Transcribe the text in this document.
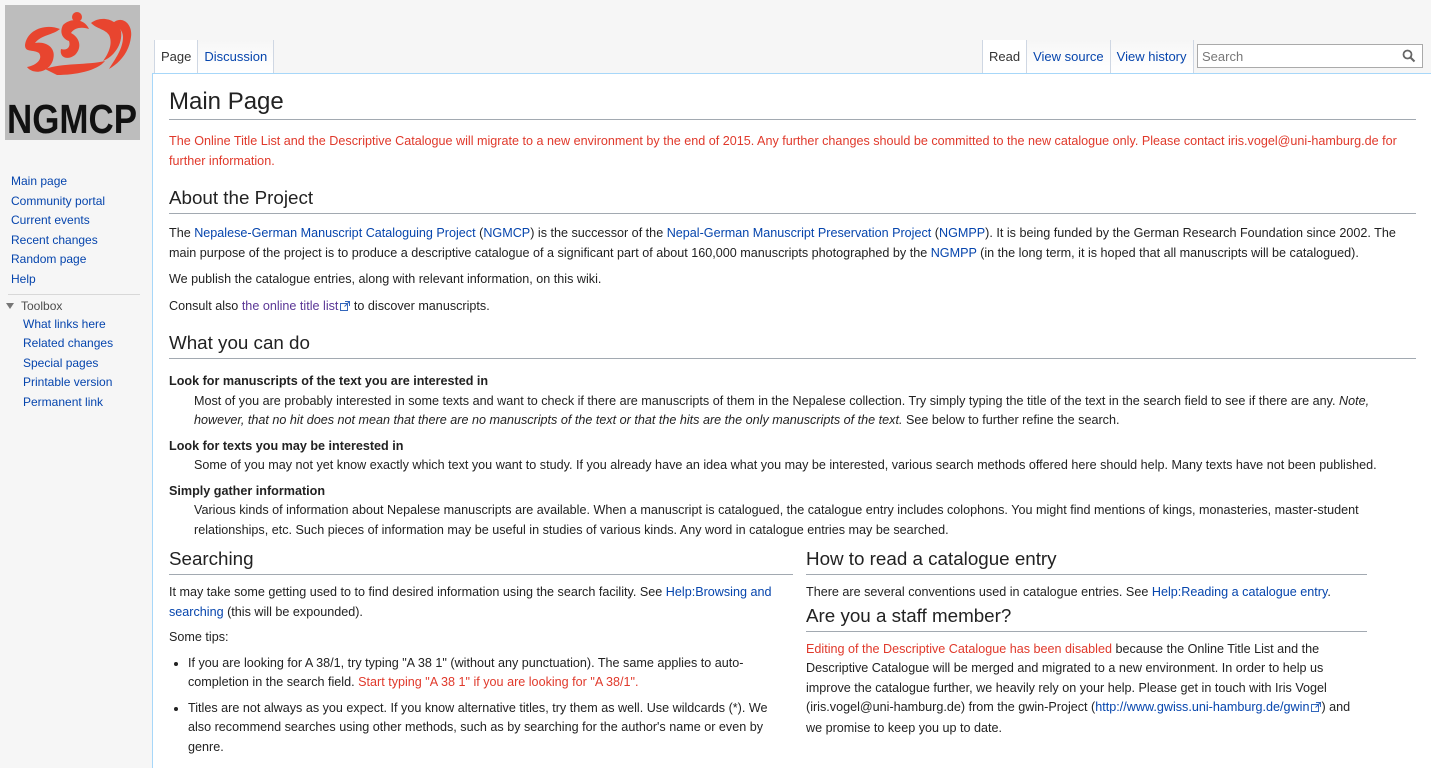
NGMCP
Main page
Community portal
Current events
Recent changes
Random page
Help
Toolbox
What links here
Related changes
Special pages
Printable version
Permanent link
Page	Discussion	Read	View source	View history
Search
Main Page

The Online Title List and the Descriptive Catalogue will migrate to a new environment by the end of 2015. Any further changes should be committed to the new catalogue only. Please contact iris.vogel@uni-hamburg.de for further information.

About the Project

The Nepalese-German Manuscript Cataloguing Project (NGMCP) is the successor of the Nepal-German Manuscript Preservation Project (NGMPP). It is being funded by the German Research Foundation since 2002. The main purpose of the project is to produce a descriptive catalogue of a significant part of about 160,000 manuscripts photographed by the NGMPP (in the long term, it is hoped that all manuscripts will be catalogued).

We publish the catalogue entries, along with relevant information, on this wiki.

Consult also the online title list to discover manuscripts.

What you can do
Look for manuscripts of the text you are interested in
Most of you are probably interested in some texts and want to check if there are manuscripts of them in the Nepalese collection. Try simply typing the title of the text in the search field to see if there are any. Note, however, that no hit does not mean that there are no manuscripts of the text or that the hits are the only manuscripts of the text. See below to further refine the search.
Look for texts you may be interested in
Some of you may not yet know exactly which text you want to study. If you already have an idea what you may be interested, various search methods offered here should help. Many texts have not been published.
Simply gather information
Various kinds of information about Nepalese manuscripts are available. When a manuscript is catalogued, the catalogue entry includes colophons. You might find mentions of kings, monasteries, master-student relationships, etc. Such pieces of information may be useful in studies of various kinds. Any word in catalogue entries may be searched.
Searching

It may take some getting used to to find desired information using the search facility. See Help:Browsing and searching (this will be expounded).

Some tips:

• If you are looking for A 38/1, try typing "A 38 1" (without any punctuation). The same applies to auto-completion in the search field. Start typing "A 38 1" if you are looking for "A 38/1".
• Titles are not always as you expect. If you know alternative titles, try them as well. Use wildcards (*). We also recommend searches using other methods, such as by searching for the author's name or even by genre.
How to read a catalogue entry

There are several conventions used in catalogue entries. See Help:Reading a catalogue entry.

Are you a staff member?

Editing of the Descriptive Catalogue has been disabled because the Online Title List and the Descriptive Catalogue will be merged and migrated to a new environment. In order to help us improve the catalogue further, we heavily rely on your help. Please get in touch with Iris Vogel (iris.vogel@uni-hamburg.de) from the gwin-Project (http://www.gwiss.uni-hamburg.de/gwin ) and we promise to keep you up to date.
